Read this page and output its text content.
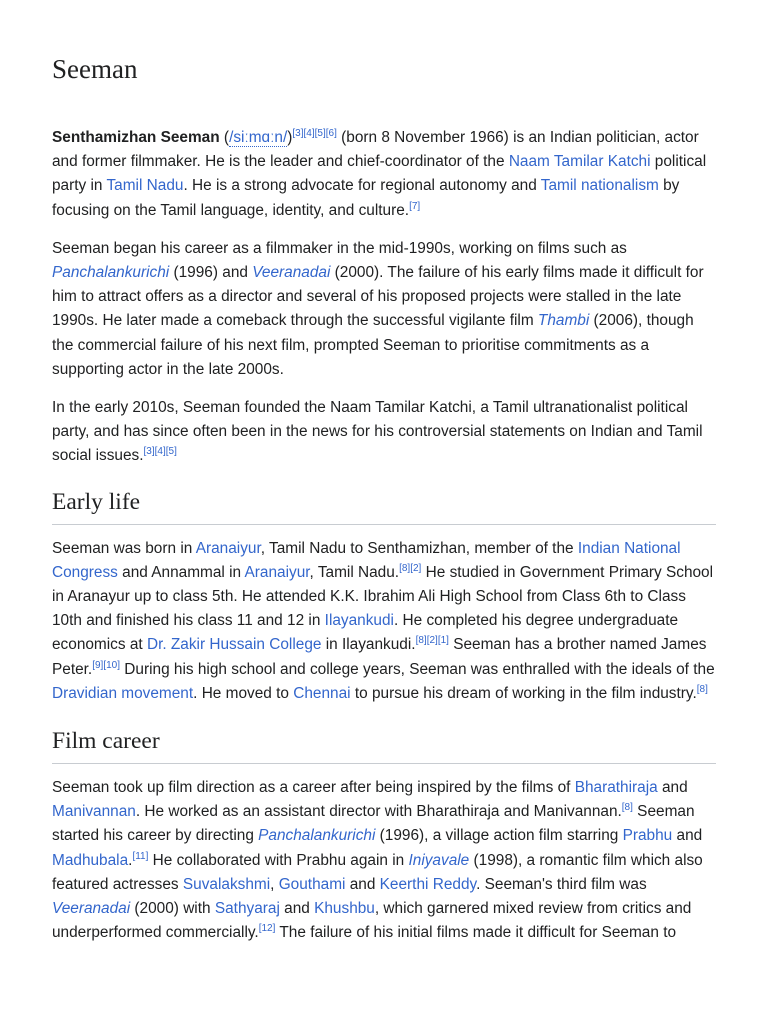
Seeman

Senthamizhan Seeman (/siːmɑːn/)[3][4][5][6] (born 8 November 1966) is an Indian politician, actor and former filmmaker. He is the leader and chief-coordinator of the Naam Tamilar Katchi political party in Tamil Nadu. He is a strong advocate for regional autonomy and Tamil nationalism by focusing on the Tamil language, identity, and culture.[7]

Seeman began his career as a filmmaker in the mid-1990s, working on films such as Panchalankurichi (1996) and Veeranadai (2000). The failure of his early films made it difficult for him to attract offers as a director and several of his proposed projects were stalled in the late 1990s. He later made a comeback through the successful vigilante film Thambi (2006), though the commercial failure of his next film, prompted Seeman to prioritise commitments as a supporting actor in the late 2000s.

In the early 2010s, Seeman founded the Naam Tamilar Katchi, a Tamil ultranationalist political party, and has since often been in the news for his controversial statements on Indian and Tamil social issues.[3][4][5]

Early life

Seeman was born in Aranaiyur, Tamil Nadu to Senthamizhan, member of the Indian National Congress and Annammal in Aranaiyur, Tamil Nadu.[8][2] He studied in Government Primary School in Aranayur up to class 5th. He attended K.K. Ibrahim Ali High School from Class 6th to Class 10th and finished his class 11 and 12 in Ilayankudi. He completed his degree undergraduate economics at Dr. Zakir Hussain College in Ilayankudi.[8][2][1] Seeman has a brother named James Peter.[9][10] During his high school and college years, Seeman was enthralled with the ideals of the Dravidian movement. He moved to Chennai to pursue his dream of working in the film industry.[8]

Film career

Seeman took up film direction as a career after being inspired by the films of Bharathiraja and Manivannan. He worked as an assistant director with Bharathiraja and Manivannan.[8] Seeman started his career by directing Panchalankurichi (1996), a village action film starring Prabhu and Madhubala.[11] He collaborated with Prabhu again in Iniyavale (1998), a romantic film which also featured actresses Suvalakshmi, Gouthami and Keerthi Reddy. Seeman's third film was Veeranadai (2000) with Sathyaraj and Khushbu, which garnered mixed review from critics and underperformed commercially.[12] The failure of his initial films made it difficult for Seeman to
